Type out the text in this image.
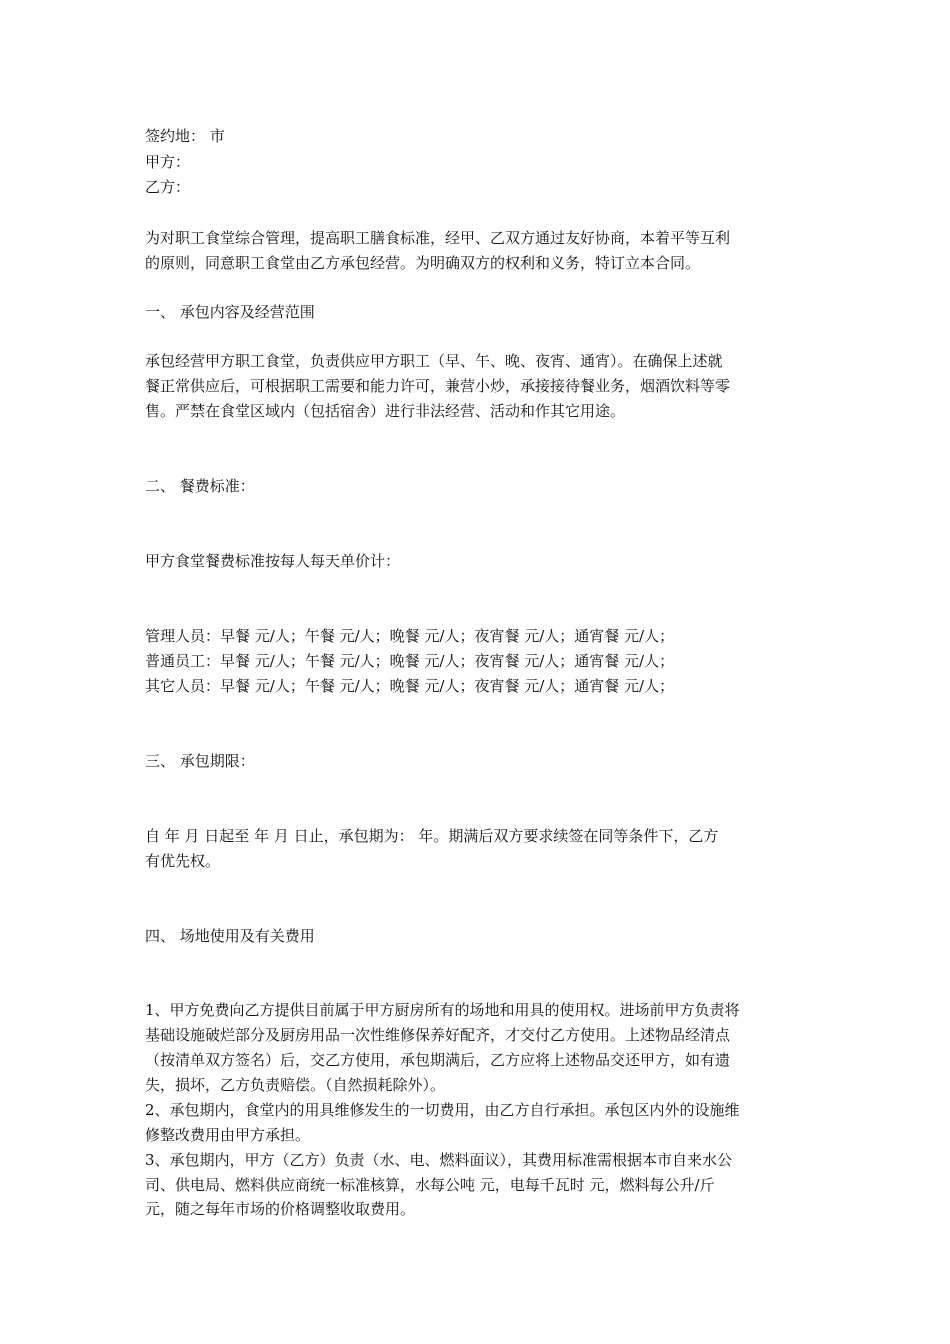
签约地： 市
甲方：
乙方：
为对职工食堂综合管理，提高职工膳食标准，经甲、乙双方通过友好协商，本着平等互利
的原则，同意职工食堂由乙方承包经营。为明确双方的权利和义务，特订立本合同。
一、 承包内容及经营范围
承包经营甲方职工食堂，负责供应甲方职工（早、午、晚、夜宵、通宵）。在确保上述就
餐正常供应后，可根据职工需要和能力许可，兼营小炒，承接接待餐业务，烟酒饮料等零
售。严禁在食堂区域内（包括宿舍）进行非法经营、活动和作其它用途。
二、 餐费标准：
甲方食堂餐费标准按每人每天单价计：
管理人员：早餐 元/人；午餐 元/人；晚餐 元/人；夜宵餐 元/人；通宵餐 元/人；
普通员工：早餐 元/人；午餐 元/人；晚餐 元/人；夜宵餐 元/人；通宵餐 元/人；
其它人员：早餐 元/人；午餐 元/人；晚餐 元/人；夜宵餐 元/人；通宵餐 元/人；
三、 承包期限：
自 年 月 日起至 年 月 日止，承包期为： 年。期满后双方要求续签在同等条件下，乙方
有优先权。
四、 场地使用及有关费用
1、甲方免费向乙方提供目前属于甲方厨房所有的场地和用具的使用权。进场前甲方负责将
基础设施破烂部分及厨房用品一次性维修保养好配齐，才交付乙方使用。上述物品经清点
（按清单双方签名）后，交乙方使用，承包期满后，乙方应将上述物品交还甲方，如有遗
失，损坏，乙方负责赔偿。（自然损耗除外）。
2、承包期内，食堂内的用具维修发生的一切费用，由乙方自行承担。承包区内外的设施维
修整改费用由甲方承担。
3、承包期内，甲方（乙方）负责（水、电、燃料面议），其费用标准需根据本市自来水公
司、供电局、燃料供应商统一标准核算，水每公吨 元，电每千瓦时 元，燃料每公升/斤
元，随之每年市场的价格调整收取费用。
